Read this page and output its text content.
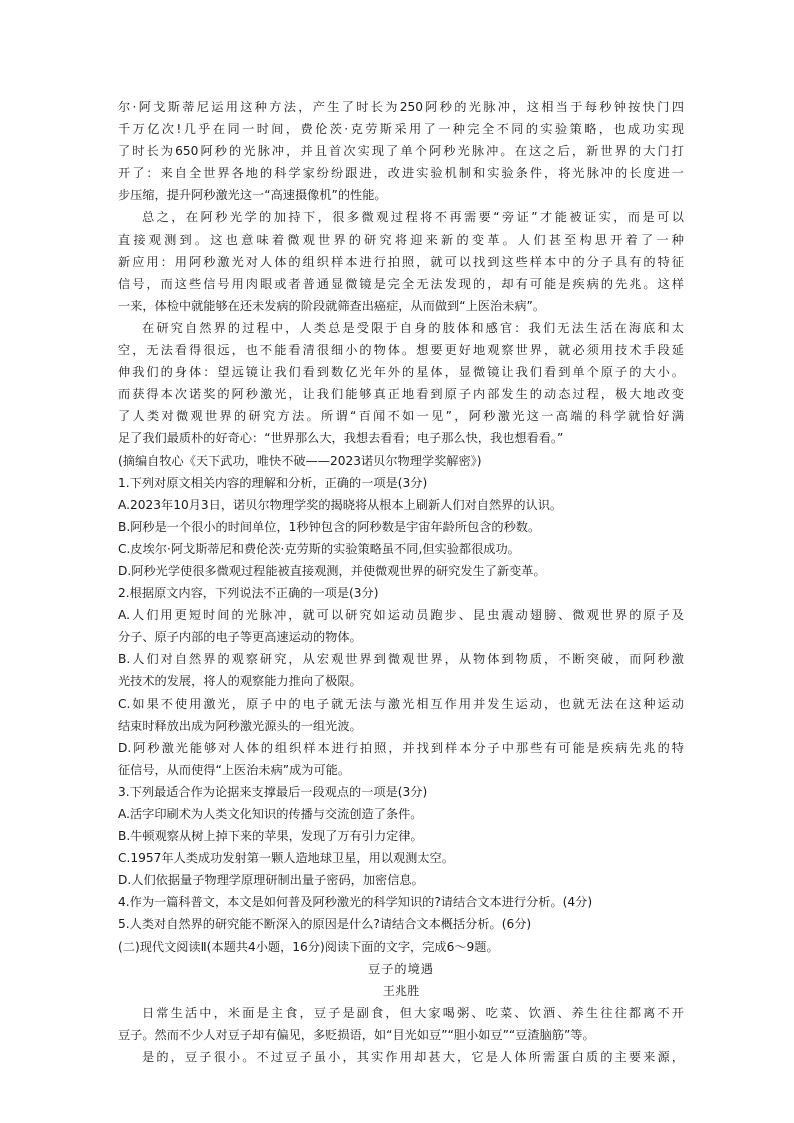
尔·阿戈斯蒂尼运用这种方法，产生了时长为250阿秒的光脉冲，这相当于每秒钟按快门四

千万亿次!几乎在同一时间，费伦茨·克劳斯采用了一种完全不同的实验策略，也成功实现

了时长为650阿秒的光脉冲，并且首次实现了单个阿秒光脉冲。在这之后，新世界的大门打

开了：来自全世界各地的科学家纷纷跟进，改进实验机制和实验条件，将光脉冲的长度进一

步压缩，提升阿秒激光这一“高速摄像机”的性能。

总之，在阿秒光学的加持下，很多微观过程将不再需要“旁证”才能被证实，而是可以

直接观测到。这也意味着微观世界的研究将迎来新的变革。人们甚至构思开着了一种

新应用：用阿秒激光对人体的组织样本进行拍照，就可以找到这些样本中的分子具有的特征

信号，而这些信号用肉眼或者普通显微镜是完全无法发现的，却有可能是疾病的先兆。这样

一来，体检中就能够在还未发病的阶段就筛查出癌症，从而做到“上医治未病”。

在研究自然界的过程中，人类总是受限于自身的肢体和感官：我们无法生活在海底和太

空，无法看得很远，也不能看清很细小的物体。想要更好地观察世界，就必须用技术手段延

伸我们的身体：望远镜让我们看到数亿光年外的星体，显微镜让我们看到单个原子的大小。

而获得本次诺奖的阿秒激光，让我们能够真正地看到原子内部发生的动态过程，极大地改变

了人类对微观世界的研究方法。所谓“百闻不如一见”，阿秒激光这一高端的科学就恰好满

足了我们最质朴的好奇心：“世界那么大，我想去看看；电子那么快，我也想看看。”

(摘编自牧心《天下武功，唯快不破——2023诺贝尔物理学奖解密》)

1.下列对原文相关内容的理解和分析，正确的一项是(3分)

A.2023年10月3日，诺贝尔物理学奖的揭晓将从根本上刷新人们对自然界的认识。

B.阿秒是一个很小的时间单位，1秒钟包含的阿秒数是宇宙年龄所包含的秒数。

C.皮埃尔·阿戈斯蒂尼和费伦茨·克劳斯的实验策略虽不同,但实验都很成功。

D.阿秒光学使很多微观过程能被直接观测，并使微观世界的研究发生了新变革。

2.根据原文内容，下列说法不正确的一项是(3分)

A.人们用更短时间的光脉冲，就可以研究如运动员跑步、昆虫震动翅膀、微观世界的原子及

分子、原子内部的电子等更高速运动的物体。

B.人们对自然界的观察研究，从宏观世界到微观世界，从物体到物质，不断突破，而阿秒激

光技术的发展，将人的观察能力推向了极限。

C.如果不使用激光，原子中的电子就无法与激光相互作用并发生运动，也就无法在这种运动

结束时释放出成为阿秒激光源头的一组光波。

D.阿秒激光能够对人体的组织样本进行拍照，并找到样本分子中那些有可能是疾病先兆的特

征信号，从而使得“上医治未病”成为可能。

3.下列最适合作为论据来支撑最后一段观点的一项是(3分)

A.活字印刷术为人类文化知识的传播与交流创造了条件。

B.牛顿观察从树上掉下来的苹果，发现了万有引力定律。

C.1957年人类成功发射第一颗人造地球卫星，用以观测太空。

D.人们依据量子物理学原理研制出量子密码，加密信息。

4.作为一篇科普文，本文是如何普及阿秒激光的科学知识的?请结合文本进行分析。(4分)

5.人类对自然界的研究能不断深入的原因是什么?请结合文本概括分析。(6分)

(二)现代文阅读Ⅱ(本题共4小题，16分)阅读下面的文字，完成6～9题。

豆子的境遇

王兆胜

日常生活中，米面是主食，豆子是副食，但大家喝粥、吃菜、饮酒、养生往往都离不开

豆子。然而不少人对豆子却有偏见，多贬损语，如“目光如豆”“胆小如豆”“豆渣脑筋”等。

是的，豆子很小。不过豆子虽小，其实作用却甚大，它是人体所需蛋白质的主要来源，
